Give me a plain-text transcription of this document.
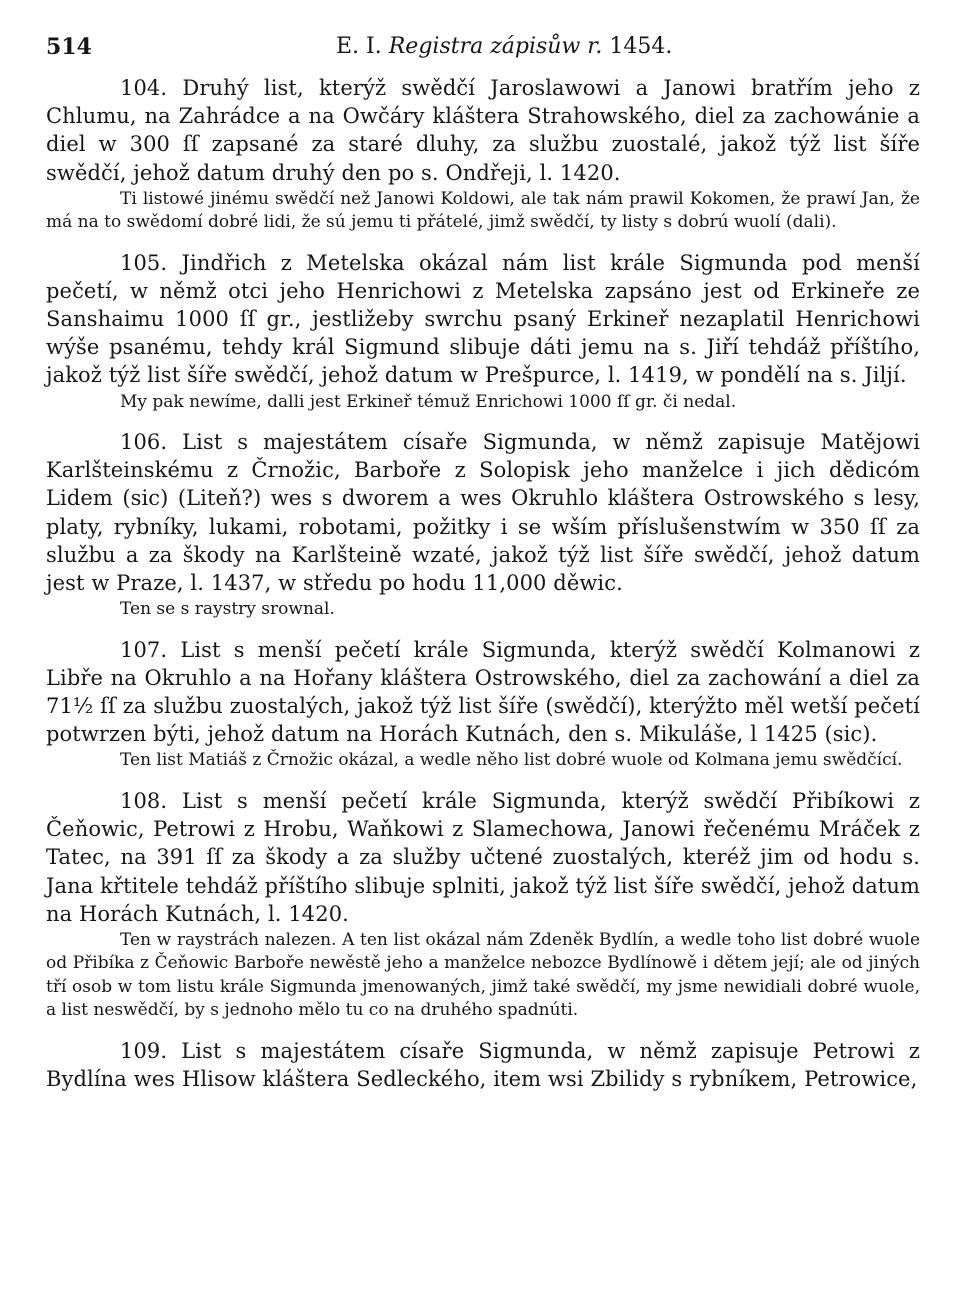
514	E. I. Registra zápisůw r. 1454.

104. Druhý list, kterýž swědčí Jaroslawowi a Janowi bratřím jeho z Chlumu, na Zahrádce a na Owčáry kláštera Strahowského, diel za zachowánie a diel w 300 ſſ zapsané za staré dluhy, za službu zuostalé, jakož týž list šíře swědčí, jehož datum druhý den po s. Ondřeji, l. 1420.

Ti listowé jinému swědčí než Janowi Koldowi, ale tak nám prawil Kokomen, že prawí Jan, že má na to swědomí dobré lidi, že sú jemu ti přátelé, jimž swědčí, ty listy s dobrú wuolí (dali).

105. Jindřich z Metelska okázal nám list krále Sigmunda pod menší pečetí, w němž otci jeho Henrichowi z Metelska zapsáno jest od Erkineře ze Sanshaimu 1000 ſſ gr., jestližeby swrchu psaný Erkineř nezaplatil Henrichowi wýše psanému, tehdy král Sigmund slibuje dáti jemu na s. Jiří tehdáž příštího, jakož týž list šíře swědčí, jehož datum w Prešpurce, l. 1419, w pondělí na s. Jiljí.

My pak newíme, dalli jest Erkineř témuž Enrichowi 1000 ſſ gr. či nedal.

106. List s majestátem císaře Sigmunda, w němž zapisuje Matějowi Karlšteinskému z Črnožic, Barboře z Solopisk jeho manželce i jich dědicóm Lidem (sic) (Liteň?) wes s dworem a wes Okruhlo kláštera Ostrowského s lesy, platy, rybníky, lukami, robotami, požitky i se wším příslušenstwím w 350 ſſ za službu a za škody na Karlšteině wzaté, jakož týž list šíře swědčí, jehož datum jest w Praze, l. 1437, w středu po hodu 11,000 děwic.

Ten se s raystry srownal.

107. List s menší pečetí krále Sigmunda, kterýž swědčí Kolmanowi z Libře na Okruhlo a na Hořany kláštera Ostrowského, diel za zachowání a diel za 71½ ſſ za službu zuostalých, jakož týž list šíře (swědčí), kterýžto měl wetší pečetí potwrzen býti, jehož datum na Horách Kutnách, den s. Mikuláše, l 1425 (sic).

Ten list Matiáš z Črnožic okázal, a wedle něho list dobré wuole od Kolmana jemu swědčící.

108. List s menší pečetí krále Sigmunda, kterýž swědčí Přibíkowi z Čeňowic, Petrowi z Hrobu, Waňkowi z Slamechowa, Janowi řečenému Mráček z Tatec, na 391 ſſ za škody a za služby učtené zuostalých, kteréž jim od hodu s. Jana křtitele tehdáž příštího slibuje splniti, jakož týž list šíře swědčí, jehož datum na Horách Kutnách, l. 1420.

Ten w raystrách nalezen. A ten list okázal nám Zdeněk Bydlín, a wedle toho list dobré wuole od Přibíka z Čeňowic Barboře newěstě jeho a manželce nebozce Bydlínowě i dětem její; ale od jiných tří osob w tom listu krále Sigmunda jmenowaných, jimž také swědčí, my jsme newidiali dobré wuole, a list neswědčí, by s jednoho mělo tu co na druhého spadnúti.

109. List s majestátem císaře Sigmunda, w němž zapisuje Petrowi z Bydlína wes Hlisow kláštera Sedleckého, item wsi Zbilidy s rybníkem, Petrowice,
